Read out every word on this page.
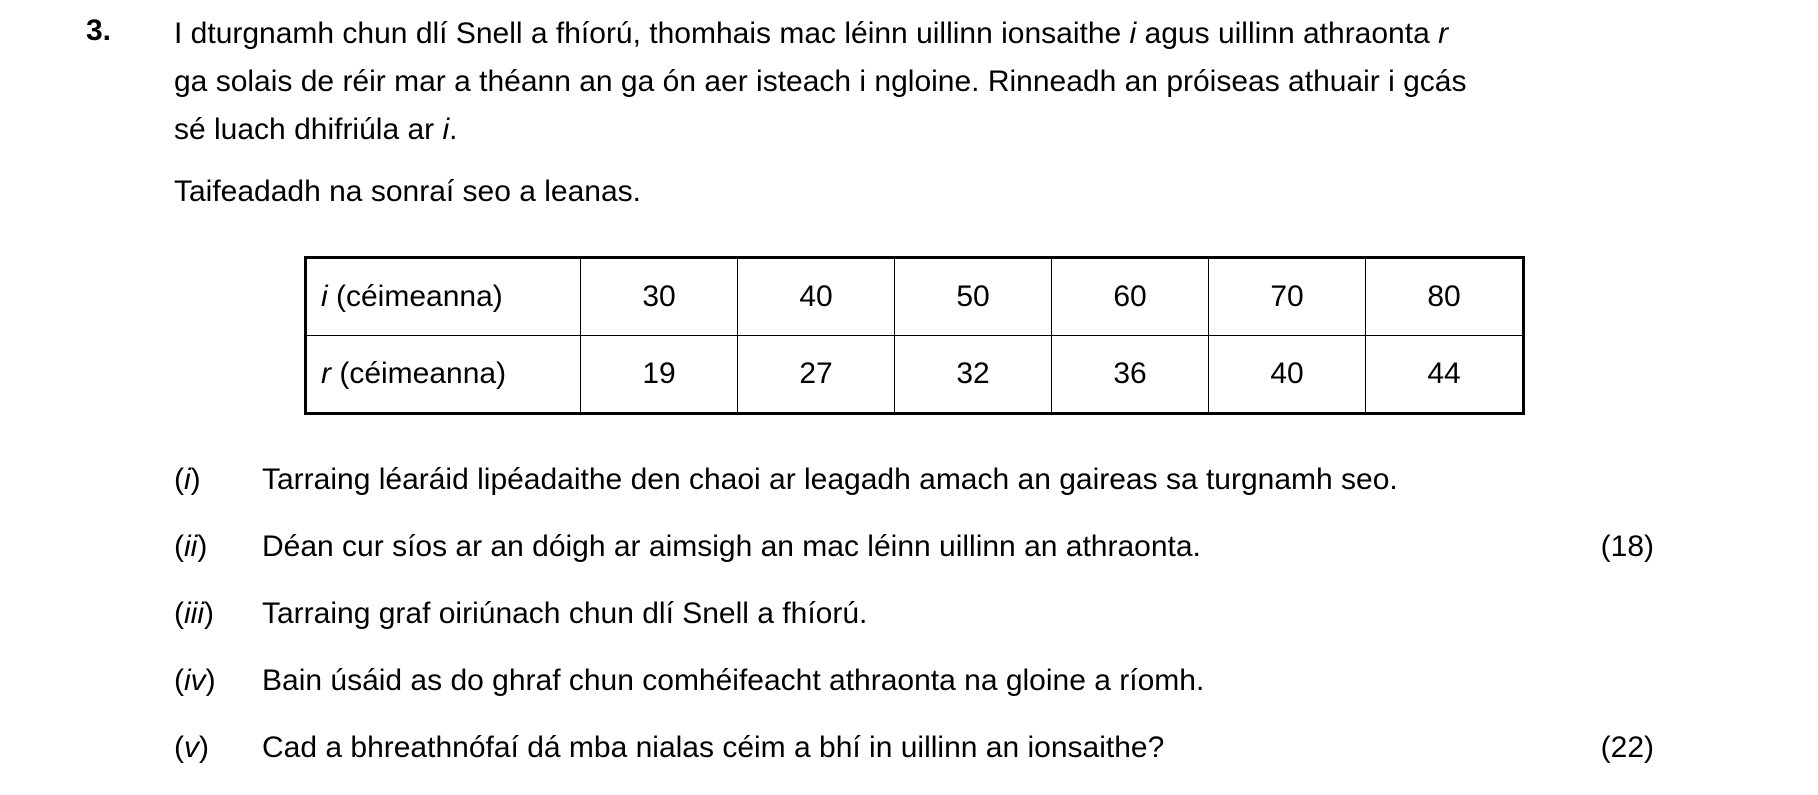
3. I dturgnamh chun dlí Snell a fhíorú, thomhais mac léinn uillinn ionsaithe i agus uillinn athraonta r

ga solais de réir mar a théann an ga ón aer isteach i ngloine. Rinneadh an próiseas athuair i gcás

sé luach dhifriúla ar i.

Taifeadadh na sonraí seo a leanas.

i (céimeanna)	30	40	50	60	70	80
r (céimeanna)	19	27	32	36	40	44
(i) Tarraing léaráid lipéadaithe den chaoi ar leagadh amach an gaireas sa turgnamh seo.
(ii) Déan cur síos ar an dóigh ar aimsigh an mac léinn uillinn an athraonta.	(18)
(iii) Tarraing graf oiriúnach chun dlí Snell a fhíorú.
(iv) Bain úsáid as do ghraf chun comhéifeacht athraonta na gloine a ríomh.
(v) Cad a bhreathnófaí dá mba nialas céim a bhí in uillinn an ionsaithe?	(22)
